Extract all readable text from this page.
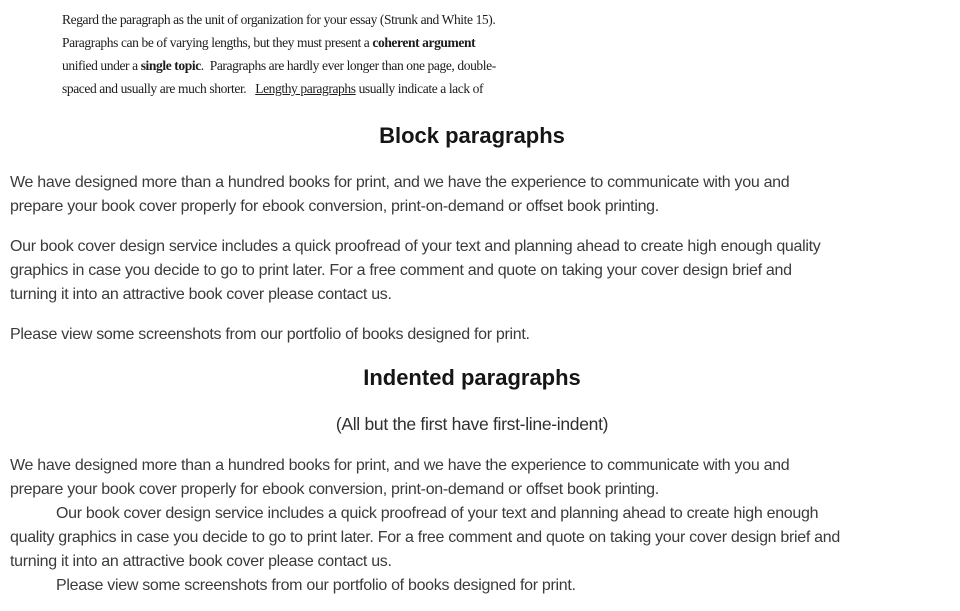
Regard the paragraph as the unit of organization for your essay (Strunk and White 15).
Paragraphs can be of varying lengths, but they must present a coherent argument
unified under a single topic.  Paragraphs are hardly ever longer than one page, double-
spaced and usually are much shorter.   Lengthy paragraphs usually indicate a lack of
Block paragraphs
We have designed more than a hundred books for print, and we have the experience to communicate with you and
prepare your book cover properly for ebook conversion, print-on-demand or offset book printing.
Our book cover design service includes a quick proofread of your text and planning ahead to create high enough quality
graphics in case you decide to go to print later. For a free comment and quote on taking your cover design brief and
turning it into an attractive book cover please contact us.
Please view some screenshots from our portfolio of books designed for print.
Indented paragraphs
(All but the first have first-line-indent)
We have designed more than a hundred books for print, and we have the experience to communicate with you and
prepare your book cover properly for ebook conversion, print-on-demand or offset book printing.
Our book cover design service includes a quick proofread of your text and planning ahead to create high enough
quality graphics in case you decide to go to print later. For a free comment and quote on taking your cover design brief and
turning it into an attractive book cover please contact us.
Please view some screenshots from our portfolio of books designed for print.
